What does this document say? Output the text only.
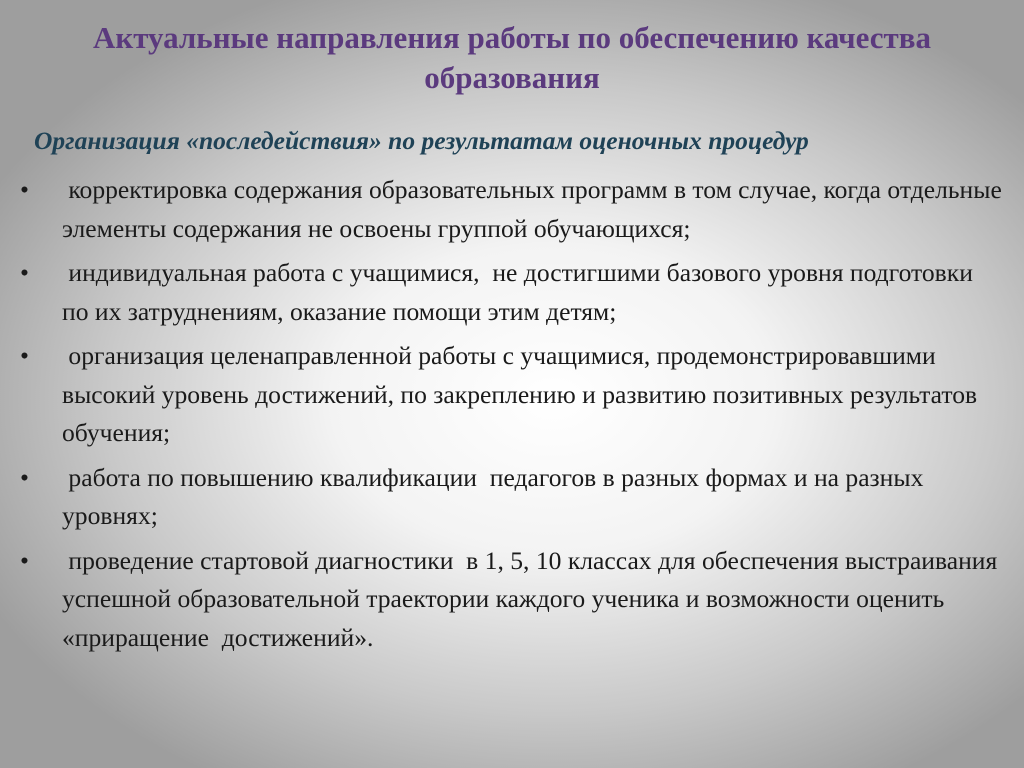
Актуальные направления работы по обеспечению качества образования
Организация «последействия» по результатам оценочных процедур
• корректировка содержания образовательных программ в том случае, когда отдельные элементы содержания не освоены группой обучающихся;
• индивидуальная работа с учащимися,  не достигшими базового уровня подготовки по их затруднениям, оказание помощи этим детям;
• организация целенаправленной работы с учащимися, продемонстрировавшими высокий уровень достижений, по закреплению и развитию позитивных результатов обучения;
• работа по повышению квалификации  педагогов в разных формах и на разных уровнях;
• проведение стартовой диагностики  в 1, 5, 10 классах для обеспечения выстраивания успешной образовательной траектории каждого ученика и возможности оценить «приращение  достижений».
